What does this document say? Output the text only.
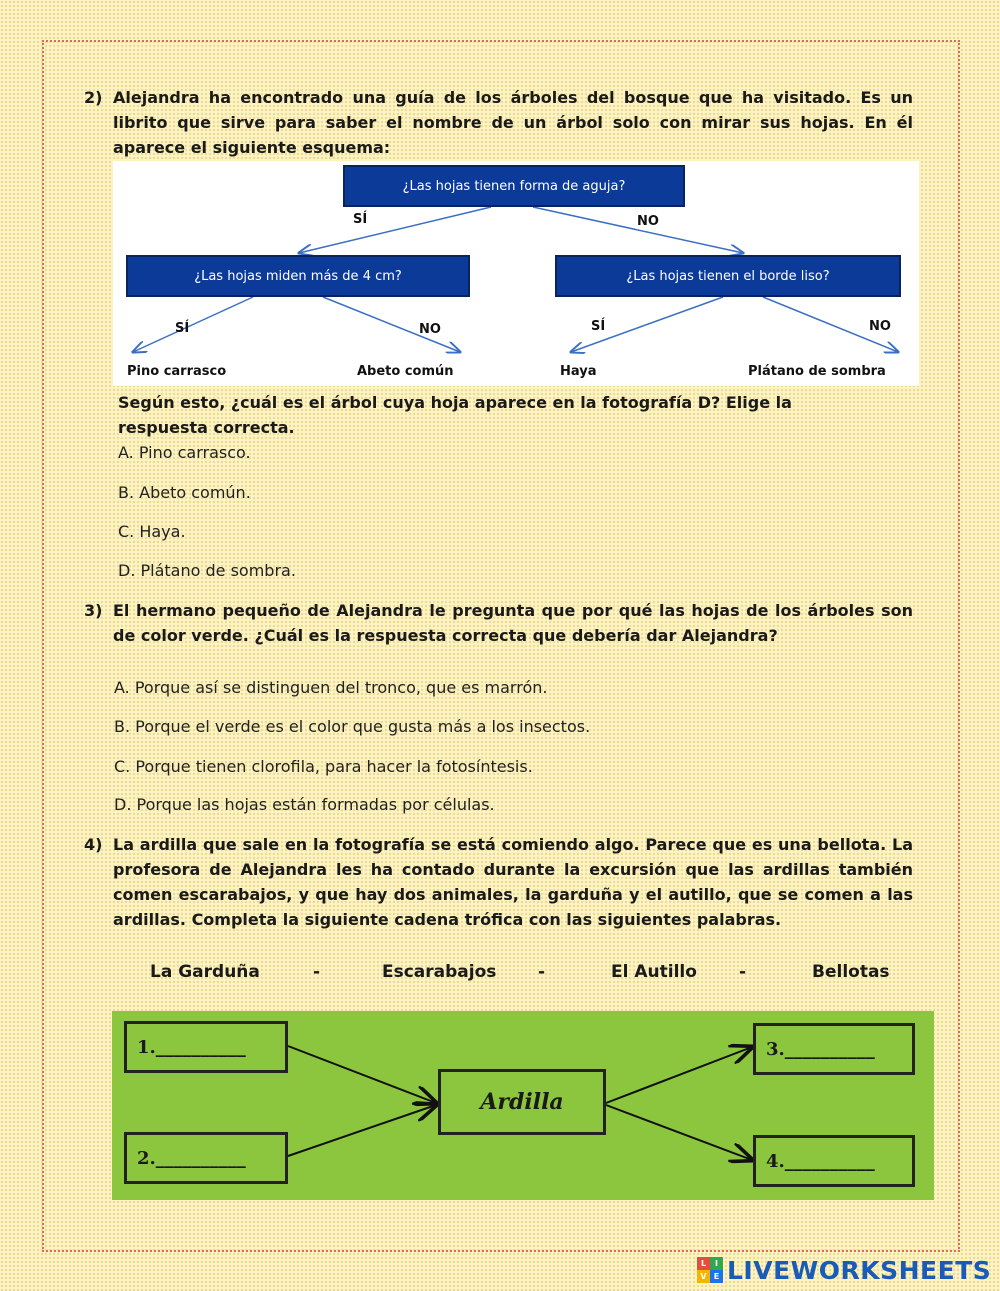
2) Alejandra ha encontrado una guía de los árboles del bosque que ha visitado. Es un librito que sirve para saber el nombre de un árbol solo con mirar sus hojas. En él aparece el siguiente esquema:
¿Las hojas tienen forma de aguja?
¿Las hojas miden más de 4 cm?	¿Las hojas tienen el borde liso?
SÍ	NO
SÍ	NO	SÍ	NO
Pino carrasco	Abeto común	Haya	Plátano de sombra
Según esto, ¿cuál es el árbol cuya hoja aparece en la fotografía D? Elige la respuesta correcta.
A. Pino carrasco.
B. Abeto común.
C. Haya.
D. Plátano de sombra.
3) El hermano pequeño de Alejandra le pregunta que por qué las hojas de los árboles son de color verde. ¿Cuál es la respuesta correcta que debería dar Alejandra?
A. Porque así se distinguen del tronco, que es marrón.
B. Porque el verde es el color que gusta más a los insectos.
C. Porque tienen clorofila, para hacer la fotosíntesis.
D. Porque las hojas están formadas por células.
4) La ardilla que sale en la fotografía se está comiendo algo. Parece que es una bellota. La profesora de Alejandra les ha contado durante la excursión que las ardillas también comen escarabajos, y que hay dos animales, la garduña y el autillo, que se comen a las ardillas. Completa la siguiente cadena trófica con las siguientes palabras.
La Garduña	-	Escarabajos -	El Autillo -	Bellotas
1.__________
2.__________
3.__________
4.__________
Ardilla
L	I
V E LIVEWORKSHEETS
